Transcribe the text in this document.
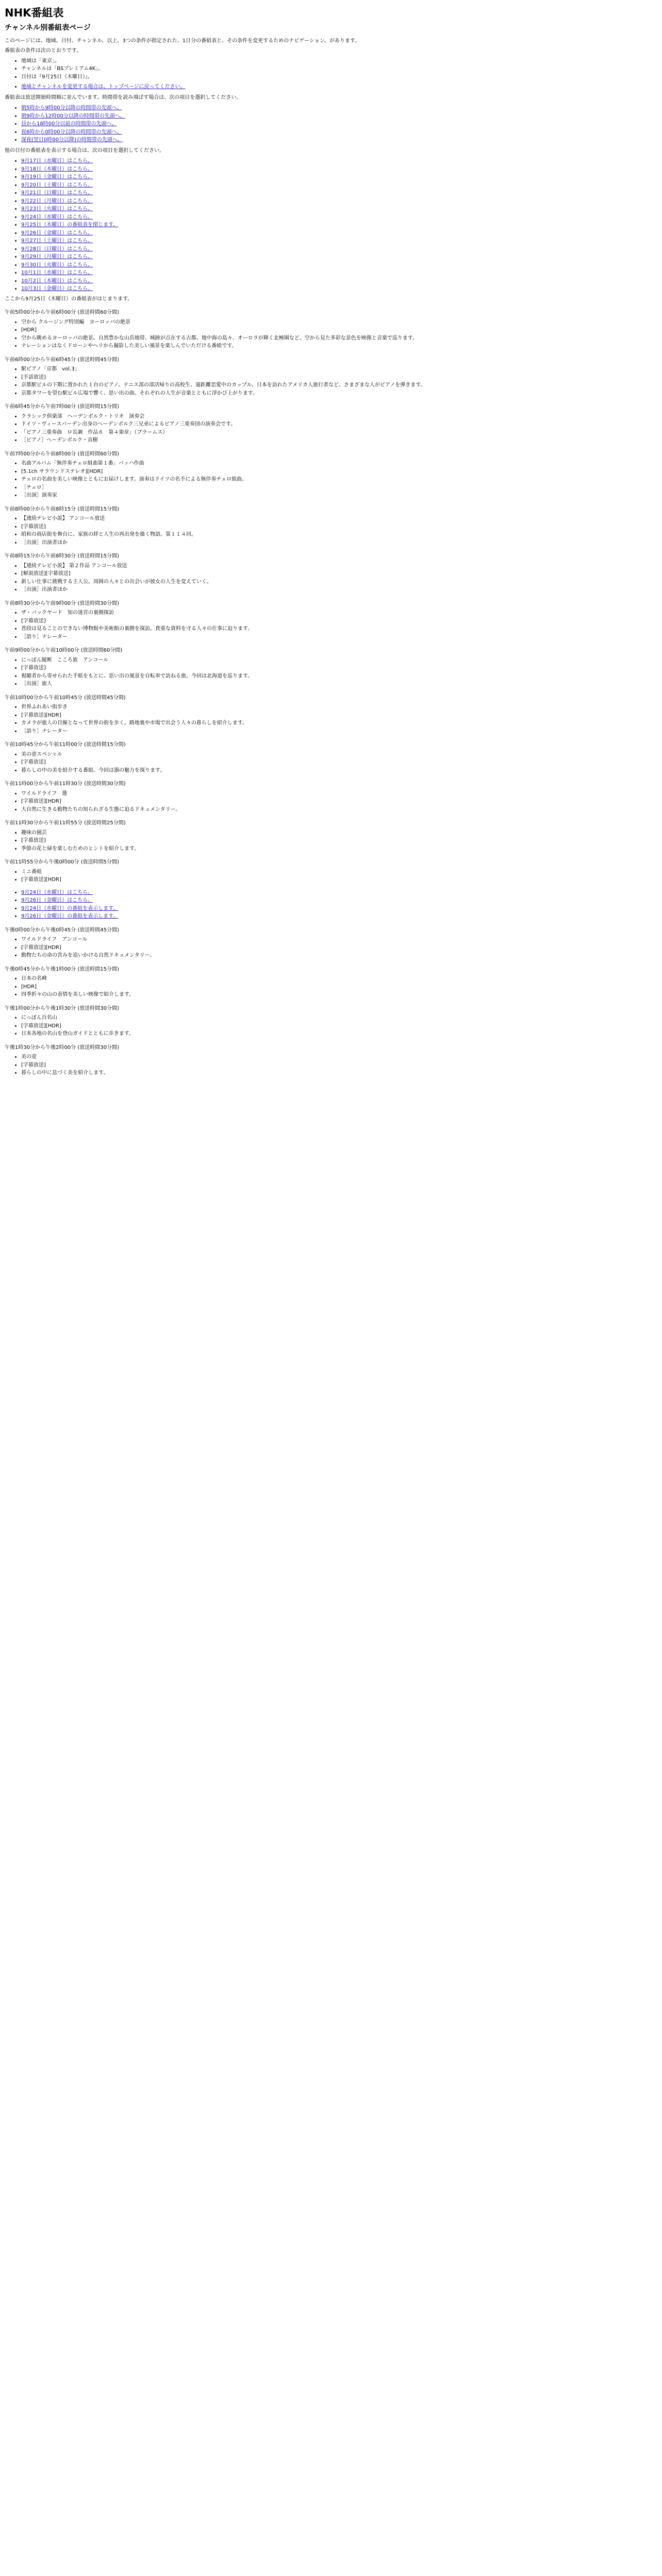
NHK番組表
チャンネル別番組表ページ

このページには、地域、日付、チャンネル、以上、3つの条件が指定された、1日分の番組表と、その条件を変更するためのナビゲーション、があります。

番組表の条件は次のとおりです。

• 地域は「東京」。
• チャンネルは「BSプレミアム4K」。
• 日付は『9月25日（木曜日）』。
• 地域とチャンネルを変更する場合は、トップページに戻ってください。

番組表は放送開始時間順に並んでいます。時間帯を読み飛ばす場合は、次の項目を選択してください。

• 朝5時から9時00分以降の時間帯の先頭へ。
• 朝9時から12時00分以降の時間帯の先頭へ。
• 昼から18時00分以前の時間帯の先頭へ。
• 夜6時から0時00分以降の時間帯の先頭へ。
• 深夜(翌日0時00分以降)の時間帯の先頭へ。

他の日付の番組表を表示する場合は、次の項目を選択してください。

• 9月17日（水曜日）はこちら。
• 9月18日（木曜日）はこちら。
• 9月19日（金曜日）はこちら。
• 9月20日（土曜日）はこちら。
• 9月21日（日曜日）はこちら。
• 9月22日（月曜日）はこちら。
• 9月23日（火曜日）はこちら。
• 9月24日（水曜日）はこちら。
• 9月25日（木曜日）の番組表を閉じます。
• 9月26日（金曜日）はこちら。
• 9月27日（土曜日）はこちら。
• 9月28日（日曜日）はこちら。
• 9月29日（月曜日）はこちら。
• 9月30日（火曜日）はこちら。
• 10月1日（水曜日）はこちら。
• 10月2日（木曜日）はこちら。
• 10月3日（金曜日）はこちら。

ここから9月25日（木曜日）の番組表がはじまります。

午前5時00分から午前6時00分 (放送時間60分間)

• 空から クルージング特別編　ヨーロッパの絶景
• [HDR]
• 空から眺めるヨーロッパの絶景。自然豊かな山岳地帯、城跡が点在する古都、地中海の島々、オーロラが輝く北極圏など、空から見た多彩な景色を映像と音楽で巡ります。
• ナレーションはなくドローンやヘリから撮影した美しい風景を楽しんでいただける番組です。

午前6時00分から午前6時45分 (放送時間45分間)

• 駅ピアノ「京都　vol.3」
• [手話放送]
• 京都駅ビルの下階に置かれた１台のピアノ。テニス部の部活帰りの高校生、遠距離恋愛中のカップル、日本を訪れたアメリカ人旅行者など、さまざまな人がピアノを弾きます。
• 京都タワーを望む駅ビル広場で響く、思い出の曲。それぞれの人生が音楽とともに浮かび上がります。

午前6時45分から午前7時00分 (放送時間15分間)

• クラシック倶楽部　ヘーデンボルク・トリオ　演奏会
• ドイツ・ヴィースバーデン出身のヘーデンボルク三兄弟によるピアノ三重奏団の演奏会です。
• 「ピアノ三重奏曲　ロ長調　作品８　第４楽章」（ブラームス）
• ［ピアノ］ヘーデンボルク・直樹

午前7時00分から午前8時00分 (放送時間60分間)

• 名曲アルバム「無伴奏チェロ組曲第１番」バッハ作曲
• [5.1ch サラウンドステレオ][HDR]
• チェロの名曲を美しい映像とともにお届けします。演奏はドイツの名手による無伴奏チェロ組曲。
• ［チェロ］
• ［出演］演奏家

午前8時00分から午前8時15分 (放送時間15分間)

• 【連続テレビ小説】 アンコール放送
• [字幕放送]
• 昭和の商店街を舞台に、家族の絆と人生の再出発を描く物語。第１１４回。
• ［出演］出演者ほか

午前8時15分から午前8時30分 (放送時間15分間)

• 【連続テレビ小説】 第２作品 アンコール放送
• [解説放送][字幕放送]
• 新しい仕事に挑戦する主人公。周囲の人々との出会いが彼女の人生を変えていく。
• ［出演］出演者ほか

午前8時30分から午前9時00分 (放送時間30分間)

• ザ・バックヤード　知の迷宮の裏側探訪
• [字幕放送]
• 普段は見ることのできない博物館や美術館の裏側を探訪。貴重な資料を守る人々の仕事に迫ります。
• ［語り］ナレーター

午前9時00分から午前10時00分 (放送時間60分間)

• にっぽん縦断　こころ旅　アンコール
• [字幕放送]
• 視聴者から寄せられた手紙をもとに、思い出の風景を自転車で訪ねる旅。今回は北海道を巡ります。
• ［出演］旅人

午前10時00分から午前10時45分 (放送時間45分間)

• 世界ふれあい街歩き
• [字幕放送][HDR]
• カメラが旅人の目線となって世界の街を歩く。路地裏や市場で出会う人々の暮らしを紹介します。
• ［語り］ナレーター

午前10時45分から午前11時00分 (放送時間15分間)

• 美の壺スペシャル
• [字幕放送]
• 暮らしの中の美を紹介する番組。今回は器の魅力を探ります。

午前11時00分から午前11時30分 (放送時間30分間)

• ワイルドライフ　選
• [字幕放送][HDR]
• 大自然に生きる動物たちの知られざる生態に迫るドキュメンタリー。

午前11時30分から午前11時55分 (放送時間25分間)

• 趣味の園芸
• [字幕放送]
• 季節の花と緑を楽しむためのヒントを紹介します。

午前11時55分から午後0時00分 (放送時間5分間)

• ミニ番組
• [字幕放送][HDR]
• 9月24日（水曜日）はこちら。
• 9月26日（金曜日）はこちら。
• 9月24日（水曜日）の番組を表示します。
• 9月26日（金曜日）の番組を表示します。

午後0時00分から午後0時45分 (放送時間45分間)

• ワイルドライフ　アンコール
• [字幕放送][HDR]
• 動物たちの命の営みを追いかける自然ドキュメンタリー。

午後0時45分から午後1時00分 (放送時間15分間)

• 日本の名峰
• [HDR]
• 四季折々の山の表情を美しい映像で紹介します。

午後1時00分から午後1時30分 (放送時間30分間)

• にっぽん百名山
• [字幕放送][HDR]
• 日本各地の名山を登山ガイドとともに歩きます。

午後1時30分から午後2時00分 (放送時間30分間)

• 美の壺
• [字幕放送]
• 暮らしの中に息づく美を紹介します。
